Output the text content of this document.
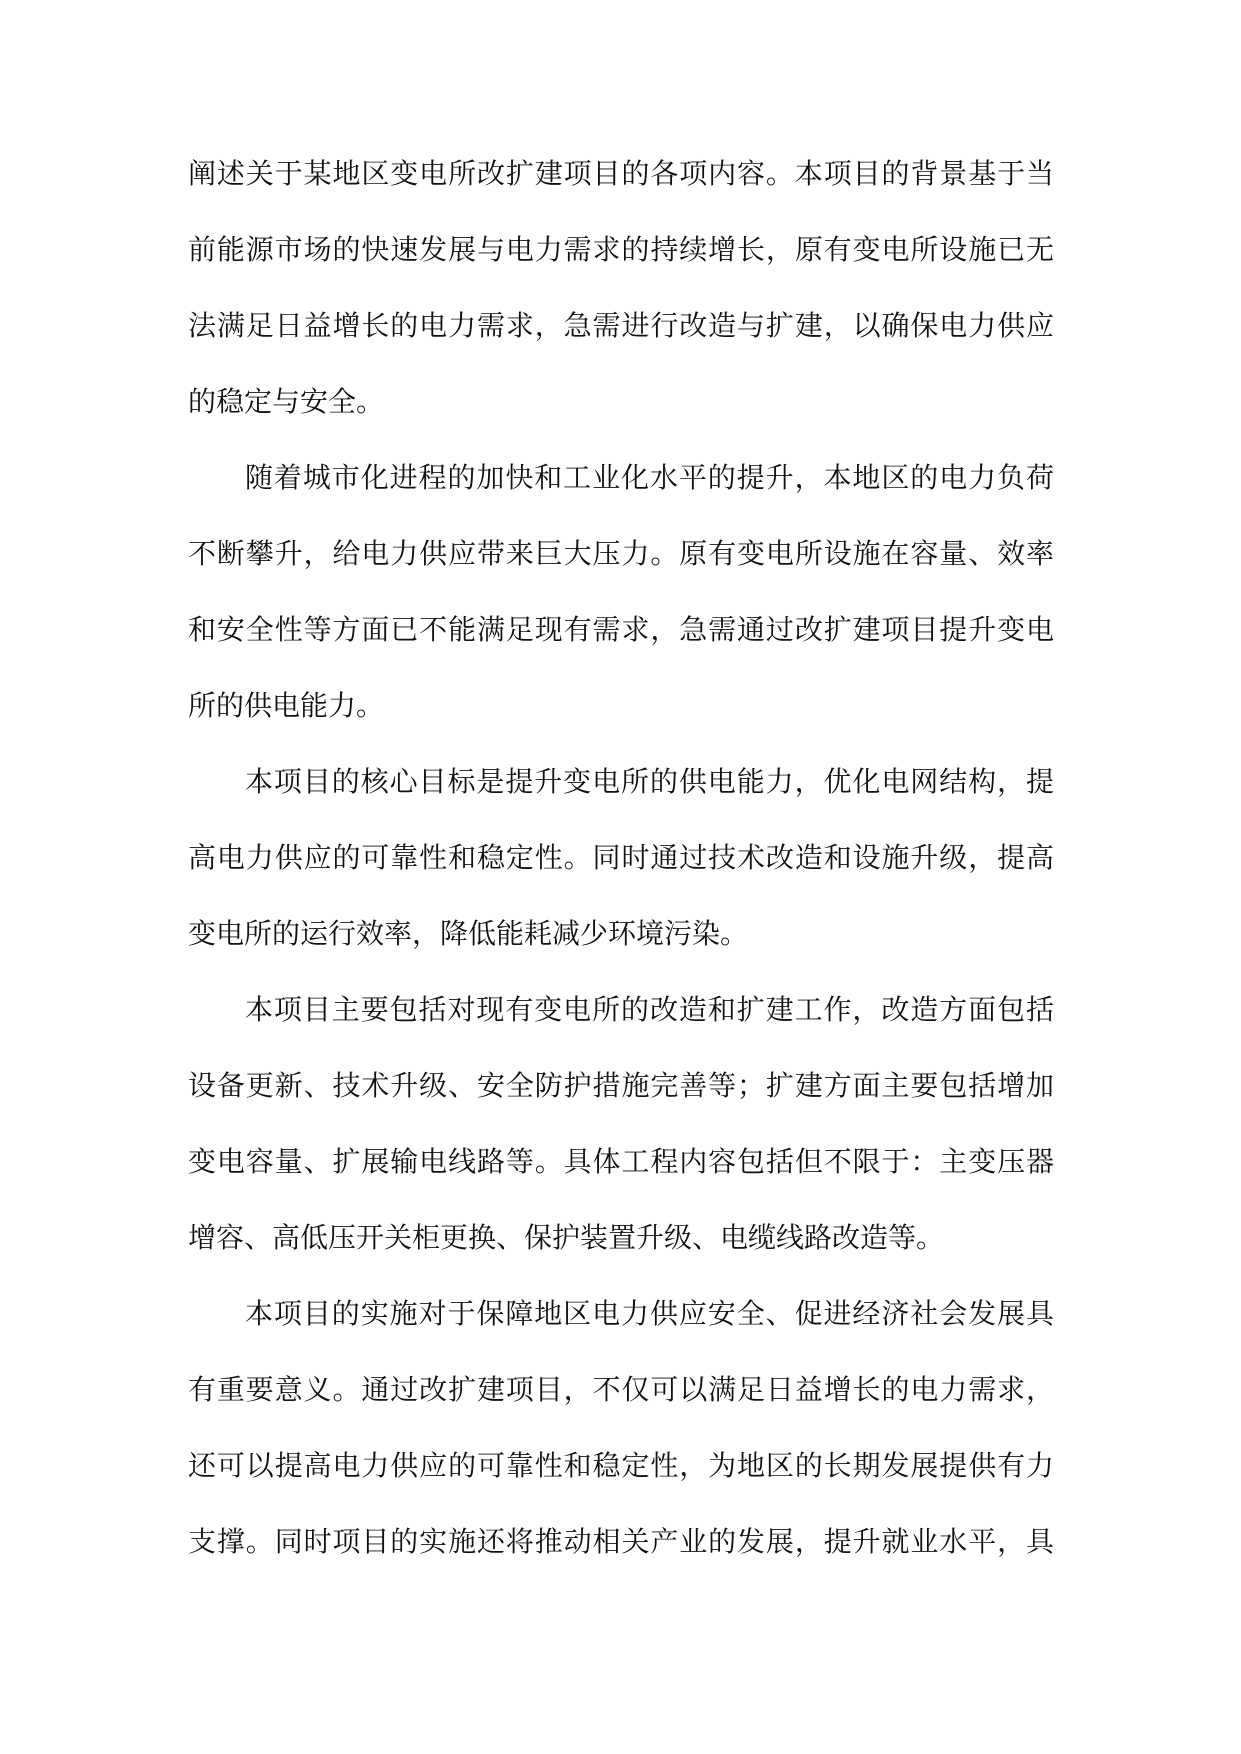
阐述关于某地区变电所改扩建项目的各项内容。本项目的背景基于当
前能源市场的快速发展与电力需求的持续增长，原有变电所设施已无
法满足日益增长的电力需求，急需进行改造与扩建，以确保电力供应
的稳定与安全。
随着城市化进程的加快和工业化水平的提升，本地区的电力负荷
不断攀升，给电力供应带来巨大压力。原有变电所设施在容量、效率
和安全性等方面已不能满足现有需求，急需通过改扩建项目提升变电
所的供电能力。
本项目的核心目标是提升变电所的供电能力，优化电网结构，提
高电力供应的可靠性和稳定性。同时通过技术改造和设施升级，提高
变电所的运行效率，降低能耗减少环境污染。
本项目主要包括对现有变电所的改造和扩建工作，改造方面包括
设备更新、技术升级、安全防护措施完善等；扩建方面主要包括增加
变电容量、扩展输电线路等。具体工程内容包括但不限于：主变压器
增容、高低压开关柜更换、保护装置升级、电缆线路改造等。
本项目的实施对于保障地区电力供应安全、促进经济社会发展具
有重要意义。通过改扩建项目，不仅可以满足日益增长的电力需求，
还可以提高电力供应的可靠性和稳定性，为地区的长期发展提供有力
支撑。同时项目的实施还将推动相关产业的发展，提升就业水平，具
